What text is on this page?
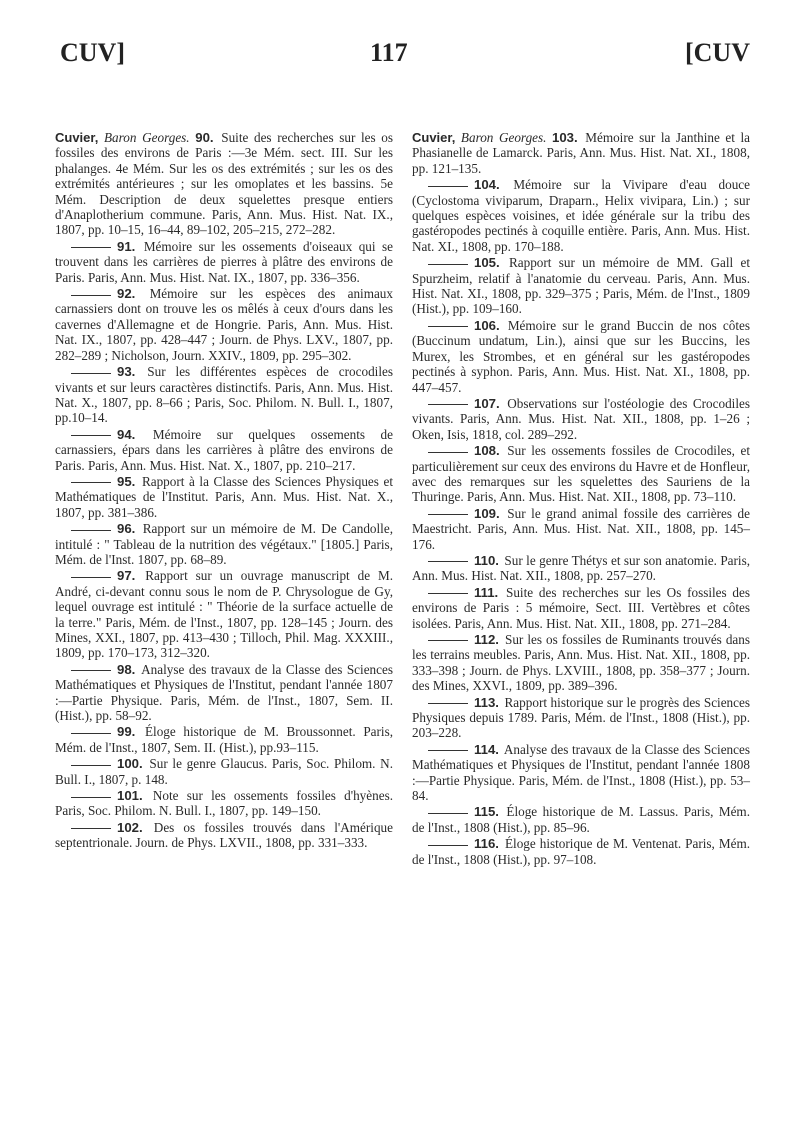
CUV]	117	[CUV

Cuvier, Baron Georges. 90. Suite des recherches sur les os fossiles des environs de Paris :—3e Mém. sect. III. Sur les phalanges. 4e Mém. Sur les os des extrémités ; sur les os des extrémités antérieures ; sur les omoplates et les bassins. 5e Mém. Description de deux squelettes presque entiers d'Anaplotherium commune. Paris, Ann. Mus. Hist. Nat. IX., 1807, pp. 10–15, 16–44, 89–102, 205–215, 272–282.

91. Mémoire sur les ossements d'oiseaux qui se trouvent dans les carrières de pierres à plâtre des environs de Paris. Paris, Ann. Mus. Hist. Nat. IX., 1807, pp. 336–356.

92. Mémoire sur les espèces des animaux carnassiers dont on trouve les os mêlés à ceux d'ours dans les cavernes d'Allemagne et de Hongrie. Paris, Ann. Mus. Hist. Nat. IX., 1807, pp. 428–447 ; Journ. de Phys. LXV., 1807, pp. 282–289 ; Nicholson, Journ. XXIV., 1809, pp. 295–302.

93. Sur les différentes espèces de crocodiles vivants et sur leurs caractères distinctifs. Paris, Ann. Mus. Hist. Nat. X., 1807, pp. 8–66 ; Paris, Soc. Philom. N. Bull. I., 1807, pp.10–14.

94. Mémoire sur quelques ossements de carnassiers, épars dans les carrières à plâtre des environs de Paris. Paris, Ann. Mus. Hist. Nat. X., 1807, pp. 210–217.

95. Rapport à la Classe des Sciences Physiques et Mathématiques de l'Institut. Paris, Ann. Mus. Hist. Nat. X., 1807, pp. 381–386.

96. Rapport sur un mémoire de M. De Candolle, intitulé : " Tableau de la nutrition des végétaux." [1805.] Paris, Mém. de l'Inst. 1807, pp. 68–89.

97. Rapport sur un ouvrage manuscript de M. André, ci-devant connu sous le nom de P. Chrysologue de Gy, lequel ouvrage est intitulé : " Théorie de la surface actuelle de la terre." Paris, Mém. de l'Inst., 1807, pp. 128–145 ; Journ. des Mines, XXI., 1807, pp. 413–430 ; Tilloch, Phil. Mag. XXXIII., 1809, pp. 170–173, 312–320.

98. Analyse des travaux de la Classe des Sciences Mathématiques et Physiques de l'Institut, pendant l'année 1807 :—Partie Physique. Paris, Mém. de l'Inst., 1807, Sem. II. (Hist.), pp. 58–92.

99. Éloge historique de M. Broussonnet. Paris, Mém. de l'Inst., 1807, Sem. II. (Hist.), pp.93–115.

100. Sur le genre Glaucus. Paris, Soc. Philom. N. Bull. I., 1807, p. 148.

101. Note sur les ossements fossiles d'hyènes. Paris, Soc. Philom. N. Bull. I., 1807, pp. 149–150.

102. Des os fossiles trouvés dans l'Amérique septentrionale. Journ. de Phys. LXVII., 1808, pp. 331–333.

Cuvier, Baron Georges. 103. Mémoire sur la Janthine et la Phasianelle de Lamarck. Paris, Ann. Mus. Hist. Nat. XI., 1808, pp. 121–135.

104. Mémoire sur la Vivipare d'eau douce (Cyclostoma viviparum, Draparn., Helix vivipara, Lin.) ; sur quelques espèces voisines, et idée générale sur la tribu des gastéropodes pectinés à coquille entière. Paris, Ann. Mus. Hist. Nat. XI., 1808, pp. 170–188.

105. Rapport sur un mémoire de MM. Gall et Spurzheim, relatif à l'anatomie du cerveau. Paris, Ann. Mus. Hist. Nat. XI., 1808, pp. 329–375 ; Paris, Mém. de l'Inst., 1809 (Hist.), pp. 109–160.

106. Mémoire sur le grand Buccin de nos côtes (Buccinum undatum, Lin.), ainsi que sur les Buccins, les Murex, les Strombes, et en général sur les gastéropodes pectinés à syphon. Paris, Ann. Mus. Hist. Nat. XI., 1808, pp. 447–457.

107. Observations sur l'ostéologie des Crocodiles vivants. Paris, Ann. Mus. Hist. Nat. XII., 1808, pp. 1–26 ; Oken, Isis, 1818, col. 289–292.

108. Sur les ossements fossiles de Crocodiles, et particulièrement sur ceux des environs du Havre et de Honfleur, avec des remarques sur les squelettes des Sauriens de la Thuringe. Paris, Ann. Mus. Hist. Nat. XII., 1808, pp. 73–110.

109. Sur le grand animal fossile des carrières de Maestricht. Paris, Ann. Mus. Hist. Nat. XII., 1808, pp. 145–176.

110. Sur le genre Thétys et sur son anatomie. Paris, Ann. Mus. Hist. Nat. XII., 1808, pp. 257–270.

111. Suite des recherches sur les Os fossiles des environs de Paris : 5 mémoire, Sect. III. Vertèbres et côtes isolées. Paris, Ann. Mus. Hist. Nat. XII., 1808, pp. 271–284.

112. Sur les os fossiles de Ruminants trouvés dans les terrains meubles. Paris, Ann. Mus. Hist. Nat. XII., 1808, pp. 333–398 ; Journ. de Phys. LXVIII., 1808, pp. 358–377 ; Journ. des Mines, XXVI., 1809, pp. 389–396.

113. Rapport historique sur le progrès des Sciences Physiques depuis 1789. Paris, Mém. de l'Inst., 1808 (Hist.), pp. 203–228.

114. Analyse des travaux de la Classe des Sciences Mathématiques et Physiques de l'Institut, pendant l'année 1808 :—Partie Physique. Paris, Mém. de l'Inst., 1808 (Hist.), pp. 53–84.

115. Éloge historique de M. Lassus. Paris, Mém. de l'Inst., 1808 (Hist.), pp. 85–96.

116. Éloge historique de M. Ventenat. Paris, Mém. de l'Inst., 1808 (Hist.), pp. 97–108.
